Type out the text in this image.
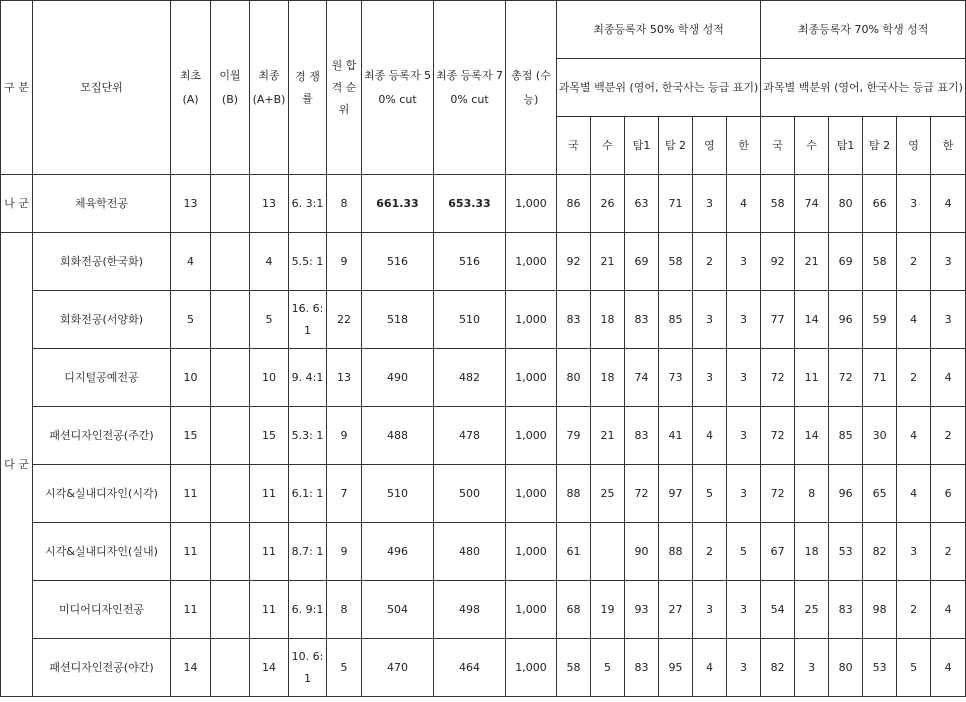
구 분	모집단위	최초 (A)	이월 (B)	최종 (A+B)	경 쟁 률	원 합 격 순 위	최종 등록자 50% cut	최종 등록자 70% cut	총점 (수능)	최종등록자 50% 학생 성적						최종등록자 70% 학생 성적					
										과목별 백분위 (영어, 한국사는 등급 표기)						과목별 백분위 (영어, 한국사는 등급 표기)					
										국	수	탐1	탐 2	영	한	국	수	탐1	탐 2	영	한
나 군	체육학전공	13		13	6. 3:1	8	661.33	653.33	1,000	86	26	63	71	3	4	58	74	80	66	3	4
다 군	회화전공(한국화)	4		4	5.5: 1	9	516	516	1,000	92	21	69	58	2	3	92	21	69	58	2	3
	회화전공(서양화)	5		5	16. 6:1	22	518	510	1,000	83	18	83	85	3	3	77	14	96	59	4	3
	디지털공예전공	10		10	9. 4:1	13	490	482	1,000	80	18	74	73	3	3	72	11	72	71	2	4
	패션디자인전공(주간)	15		15	5.3: 1	9	488	478	1,000	79	21	83	41	4	3	72	14	85	30	4	2
	시각&실내디자인(시각)	11		11	6.1: 1	7	510	500	1,000	88	25	72	97	5	3	72	8	96	65	4	6
	시각&실내디자인(실내)	11		11	8.7: 1	9	496	480	1,000	61		90	88	2	5	67	18	53	82	3	2
	미디어디자인전공	11		11	6. 9:1	8	504	498	1,000	68	19	93	27	3	3	54	25	83	98	2	4
	패션디자인전공(야간)	14		14	10. 6:1	5	470	464	1,000	58	5	83	95	4	3	82	3	80	53	5	4
